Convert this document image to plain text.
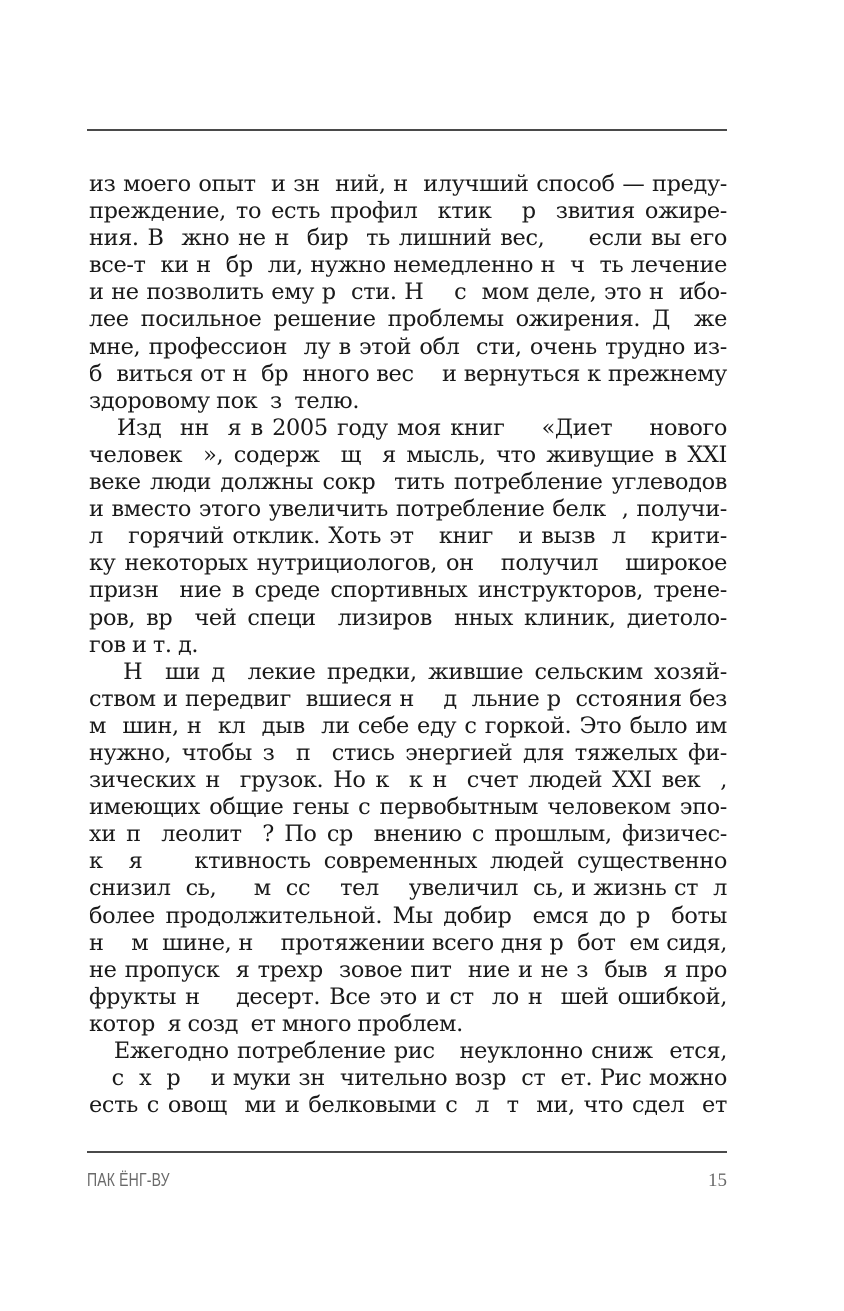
из моего опыт  и зн  ний, н  илучший способ — преду-
преждение, то есть профил  ктик   р  звития ожире-
ния. В  жно не н  бир  ть лишний вес,     если вы его
все-т  ки н  бр  ли, нужно немедленно н  ч  ть лечение
и не позволить ему р  сти. Н    с  мом деле, это н  ибо-
лее посильное решение проблемы ожирения. Д  же
мне, профессион  лу в этой обл  сти, очень трудно из-
б  виться от н  бр  нного вес    и вернуться к прежнему
здоровому пок  з  телю.
Изд  нн  я в 2005 году моя книг    «Диет    нового
человек  », содерж  щ  я мысль, что живущие в XXI
веке люди должны сокр  тить потребление углеводов
и вместо этого увеличить потребление белк  , получи-
л   горячий отклик. Хоть эт   книг   и вызв  л   крити-
ку некоторых нутрициологов, он   получил   широкое
призн  ние в среде спортивных инструкторов, трене-
ров, вр  чей специ  лизиров  нных клиник, диетоло-
гов и т. д.
Н  ши д  лекие предки, жившие сельским хозяй-
ством и передвиг  вшиеся н    д  льние р  сстояния без
м  шин, н  кл  дыв  ли себе еду с горкой. Это было им
нужно, чтобы з  п  стись энергией для тяжелых фи-
зических н  грузок. Но к  к н  счет людей XXI век  ,
имеющих общие гены с первобытным человеком эпо-
хи п  леолит  ? По ср  внению с прошлым, физичес-
к  я    ктивность современных людей существенно
снизил  сь,     м  сс    тел    увеличил  сь, и жизнь ст  л
более продолжительной. Мы добир  емся до р  боты
н    м  шине, н    протяжении всего дня р  бот  ем сидя,
не пропуск  я трехр  зовое пит  ние и не з  быв  я про
фрукты н    десерт. Все это и ст  ло н  шей ошибкой,
котор  я созд  ет много проблем.
Ежегодно потребление рис   неуклонно сниж  ется,
с  х  р    и муки зн  чительно возр  ст  ет. Рис можно
есть с овощ  ми и белковыми с  л  т  ми, что сдел  ет
ПАК ЁНГ-ВУ	15
